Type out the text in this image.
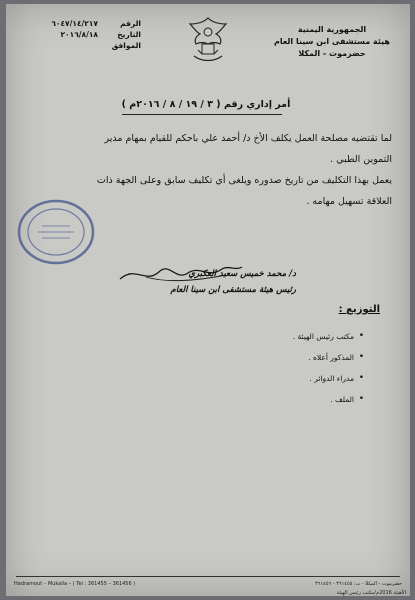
الجمهورية اليمنية
هيئة مستشفى ابن سينا العام
حضرموت - المكلا
الرقم
٦٠٤٧/١٤/٢١٧
التاريخ
٢٠١٦/٨/١٨
الموافق
أمر إداري رقم ( ٣ / ١٩ / ٨ / ٢٠١٦م )

لما تقتضيه مصلحة العمل يكلف الأخ د/ أحمد علي باحكم للقيام بمهام مدير

التموين الطبي .

يعمل بهذا التكليف من تاريخ صدوره ويلغى أي تكليف سابق وعلى الجهة ذات

العلاقة تسهيل مهامه .

د/ محمد خميس سعيد العكبري
رئيس هيئة مستشفى ابن سينا العام
التوزيع :
• مكتب رئيس الهيئة .
• المذكور أعلاه .
• مدراء الدوائر .
• الملف .
Hadramout – Mukalla – ( Tel : 361455 – 361456 )	حضرموت - المكلا - ت: ٣٦١٤٥٥ - ٣٦١٤٥٦
الأهيئة 2016م/مكتب رئيس الهيئة
